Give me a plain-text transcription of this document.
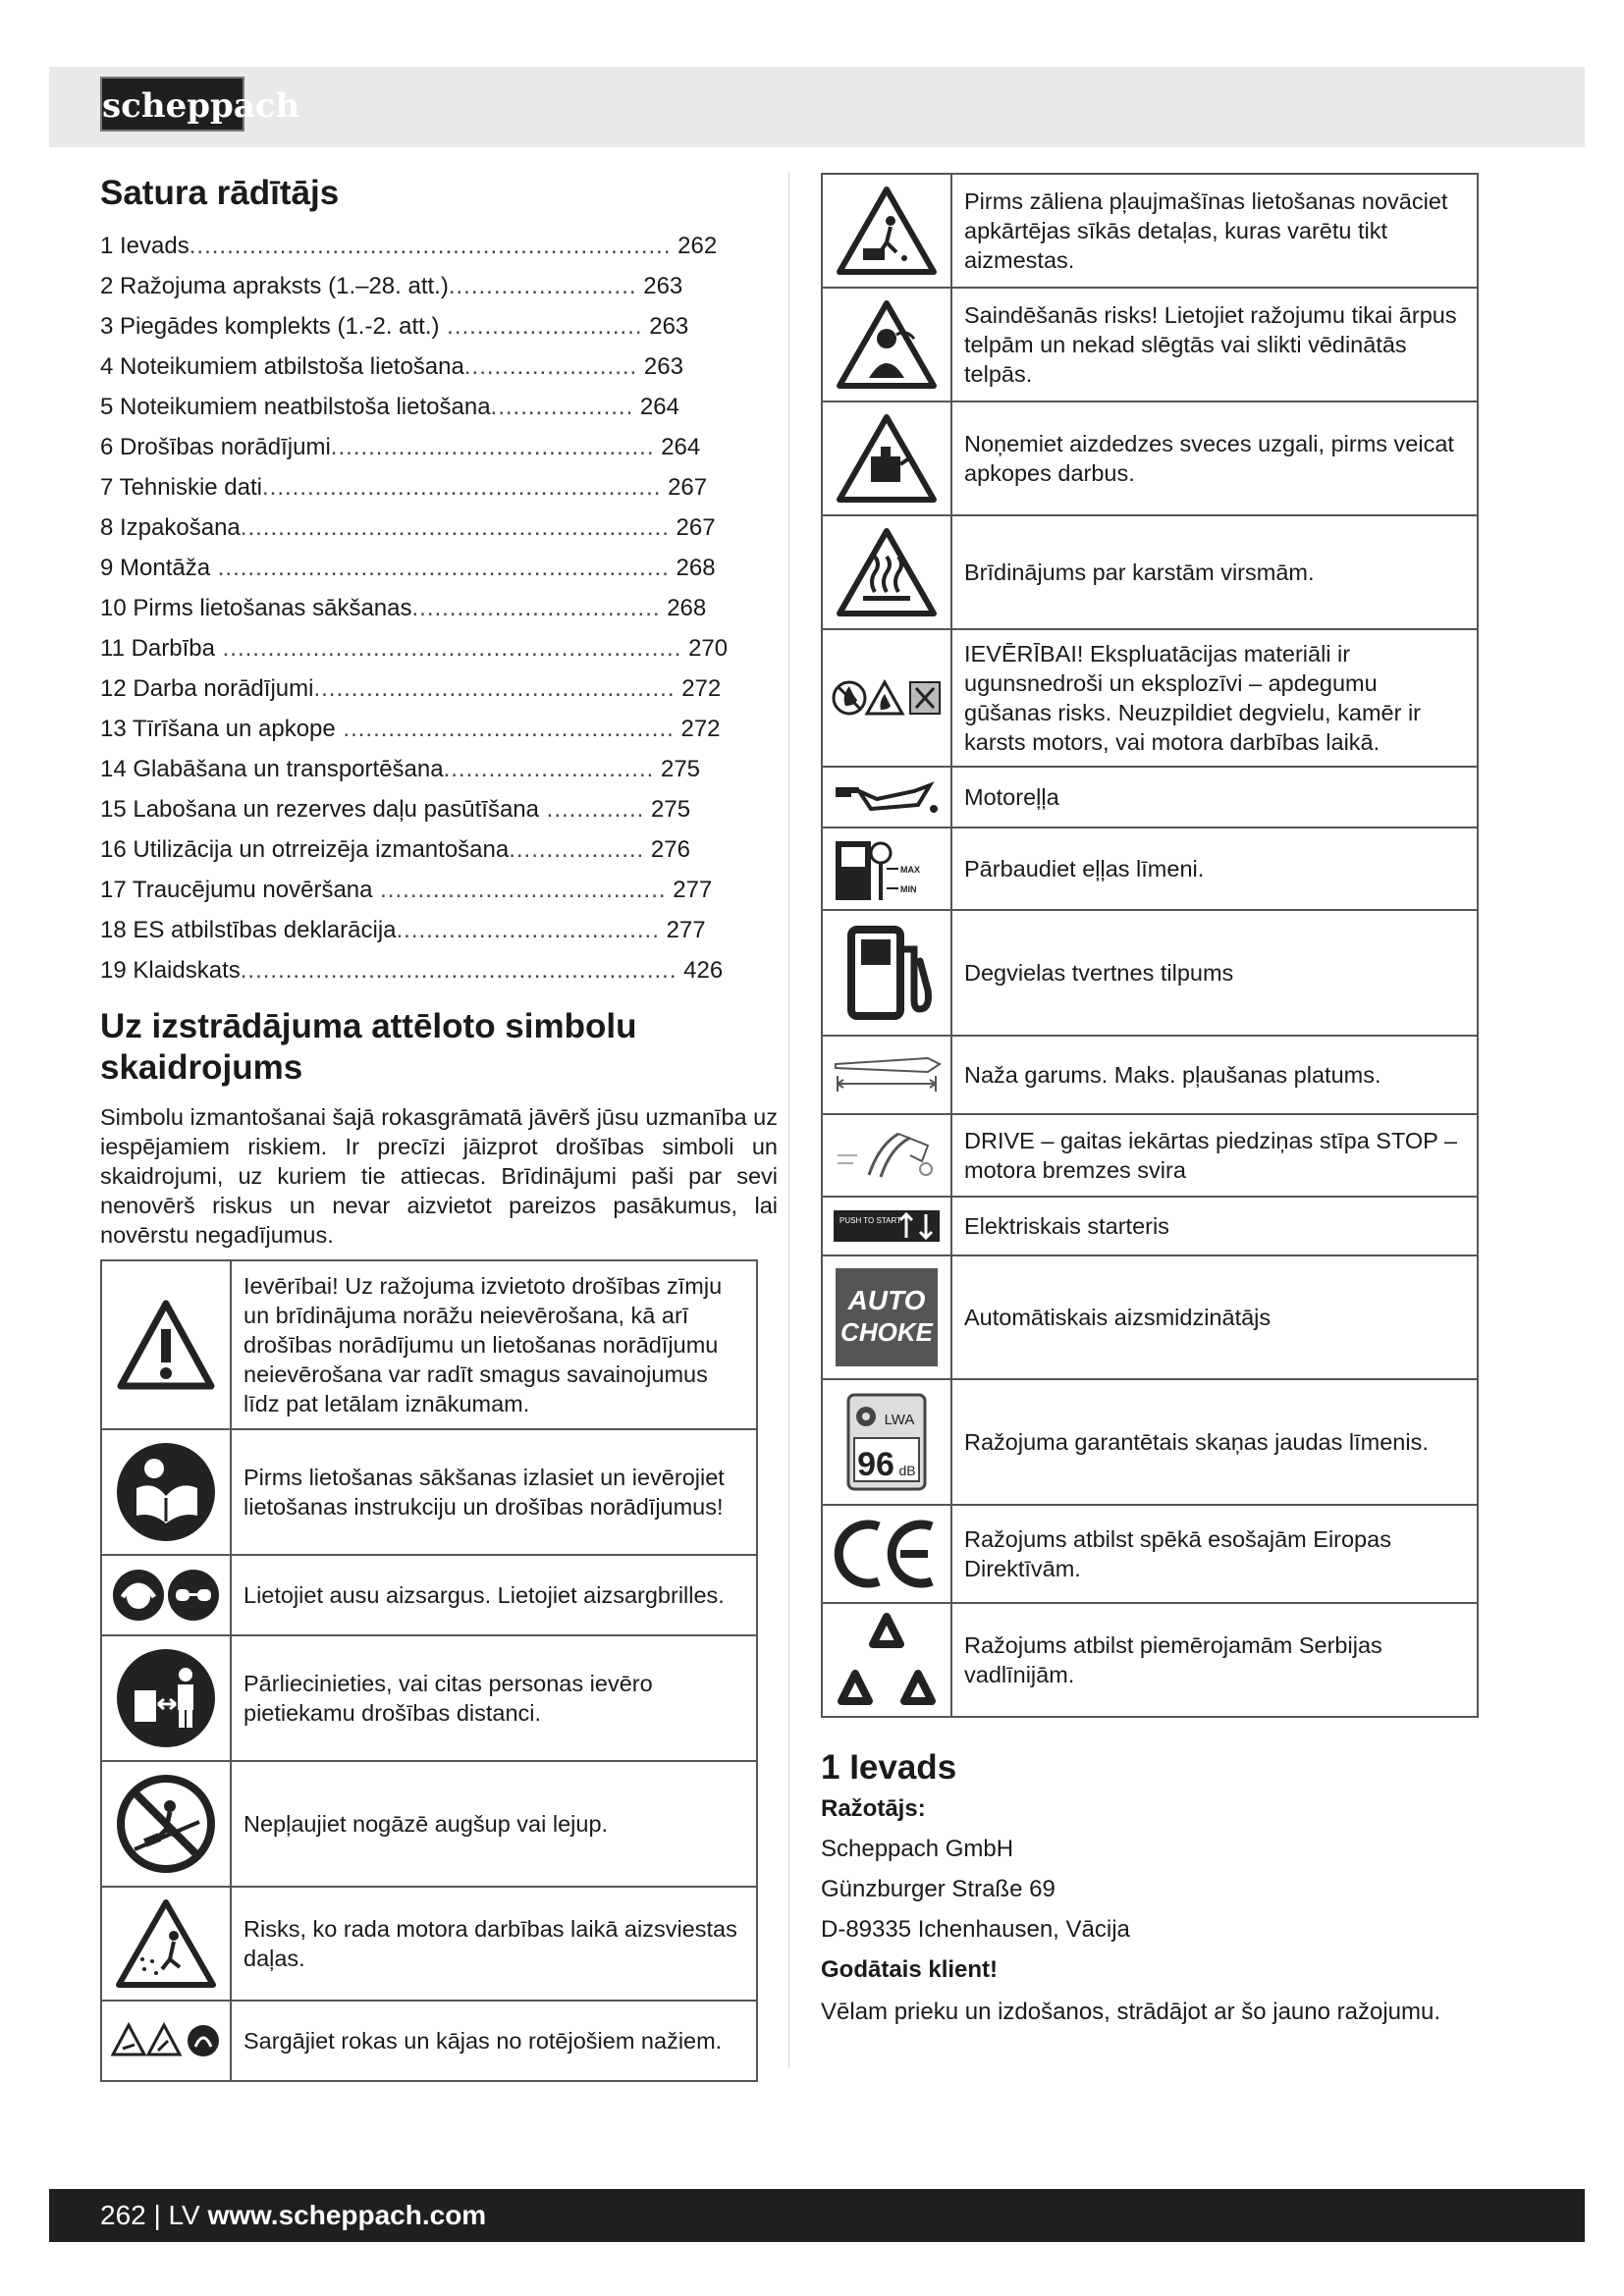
scheppach
Satura rādītājs
1 Ievads................................................................ 262
2 Ražojuma apraksts (1.–28. att.)......................... 263
3 Piegādes komplekts (1.-2. att.) .......................... 263
4 Noteikumiem atbilstoša lietošana....................... 263
5 Noteikumiem neatbilstoša lietošana................... 264
6 Drošības norādījumi........................................... 264
7 Tehniskie dati..................................................... 267
8 Izpakošana......................................................... 267
9 Montāža ............................................................ 268
10 Pirms lietošanas sākšanas................................. 268
11 Darbība ............................................................. 270
12 Darba norādījumi................................................ 272
13 Tīrīšana un apkope ............................................ 272
14 Glabāšana un transportēšana............................ 275
15 Labošana un rezerves daļu pasūtīšana ............. 275
16 Utilizācija un otrreizēja izmantošana.................. 276
17 Traucējumu novēršana ...................................... 277
18 ES atbilstības deklarācija................................... 277
19 Klaidskats.......................................................... 426
Uz izstrādājuma attēloto simbolu
skaidrojums

Simbolu izmantošanai šajā rokasgrāmatā jāvērš jūsu uzmanība uz iespējamiem riskiem. Ir precīzi jāizprot drošības simboli un skaidrojumi, uz kuriem tie attiecas. Brīdinājumi paši par sevi nenovērš riskus un nevar aizvietot pareizos pasākumus, lai novērstu negadījumus.

	Ievērībai! Uz ražojuma izvietoto drošības zīmju un brīdinājuma norāžu neievērošana, kā arī drošības norādījumu un lietošanas norādījumu neievērošana var radīt smagus savainojumus līdz pat letālam iznākumam.

	Pirms lietošanas sākšanas izlasiet un ievērojiet lietošanas instrukciju un drošības norādījumus!

	Lietojiet ausu aizsargus. Lietojiet aizsargbrilles.

	Pārliecinieties, vai citas personas ievēro pietiekamu drošības distanci.

	Nepļaujiet nogāzē augšup vai lejup.

	Risks, ko rada motora darbības laikā aizsviestas daļas.

	Sargājiet rokas un kājas no rotējošiem nažiem.
	Pirms zāliena pļaujmašīnas lietošanas novāciet apkārtējas sīkās detaļas, kuras varētu tikt aizmestas.

	Saindēšanās risks! Lietojiet ražojumu tikai ārpus telpām un nekad slēgtās vai slikti vēdinātās telpās.

	Noņemiet aizdedzes sveces uzgali, pirms veicat apkopes darbus.

	Brīdinājums par karstām virsmām.

	IEVĒRĪBAI! Ekspluatācijas materiāli ir ugunsnedroši un eksplozīvi – apdegumu gūšanas risks. Neuzpildiet degvielu, kamēr ir karsts motors, vai motora darbības laikā.

	Motoreļļa

MAX
MIN	Pārbaudiet eļļas līmeni.

	Degvielas tvertnes tilpums

	Naža garums. Maks. pļaušanas platums.

	DRIVE – gaitas iekārtas piedziņas stīpa STOP – motora bremzes svira

PUSH TO START	Elektriskais starteris

AUTO
CHOKE	Automātiskais aizsmidzinātājs

LWA
96 dB	Ražojuma garantētais skaņas jaudas līmenis.

	Ražojums atbilst spēkā esošajām Eiropas Direktīvām.

	Ražojums atbilst piemērojamām Serbijas vadlīnijām.
1 Ievads

Ražotājs:

Scheppach GmbH

Günzburger Straße 69

D-89335 Ichenhausen, Vācija

Godātais klient!

Vēlam prieku un izdošanos, strādājot ar šo jauno ražojumu.

262 | LV www.scheppach.com
